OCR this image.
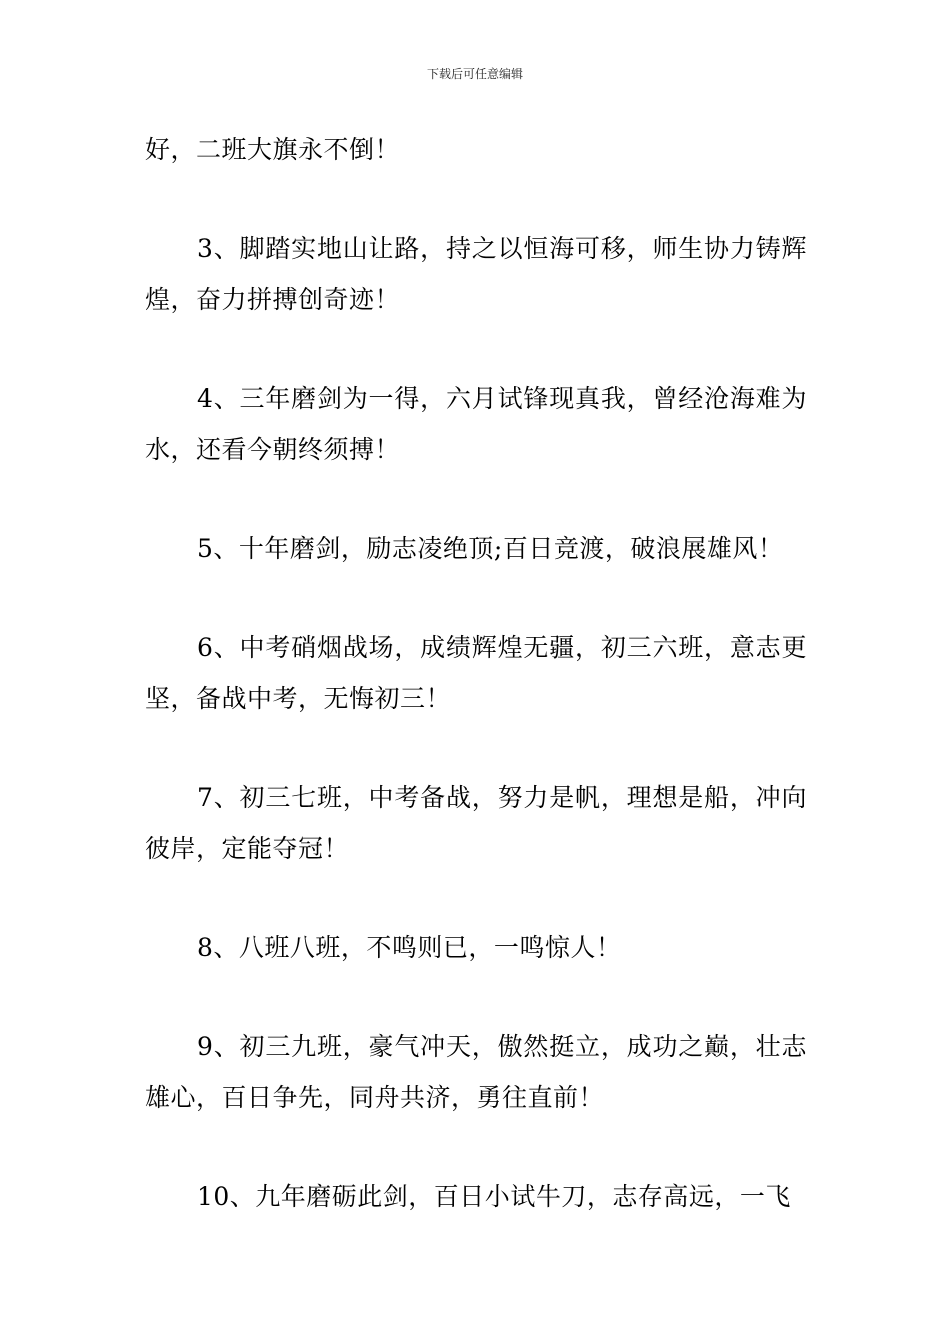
下载后可任意编辑

好，二班大旗永不倒！

3、脚踏实地山让路，持之以恒海可移，师生协力铸辉煌，奋力拼搏创奇迹！

4、三年磨剑为一得，六月试锋现真我，曾经沧海难为水，还看今朝终须搏！

5、十年磨剑，励志凌绝顶;百日竞渡，破浪展雄风！

6、中考硝烟战场，成绩辉煌无疆，初三六班，意志更坚，备战中考，无悔初三！

7、初三七班，中考备战，努力是帆，理想是船，冲向彼岸，定能夺冠！

8、八班八班，不鸣则已，一鸣惊人！

9、初三九班，豪气冲天，傲然挺立，成功之巅，壮志雄心，百日争先，同舟共济，勇往直前！

10、九年磨砺此剑，百日小试牛刀，志存高远，一飞
